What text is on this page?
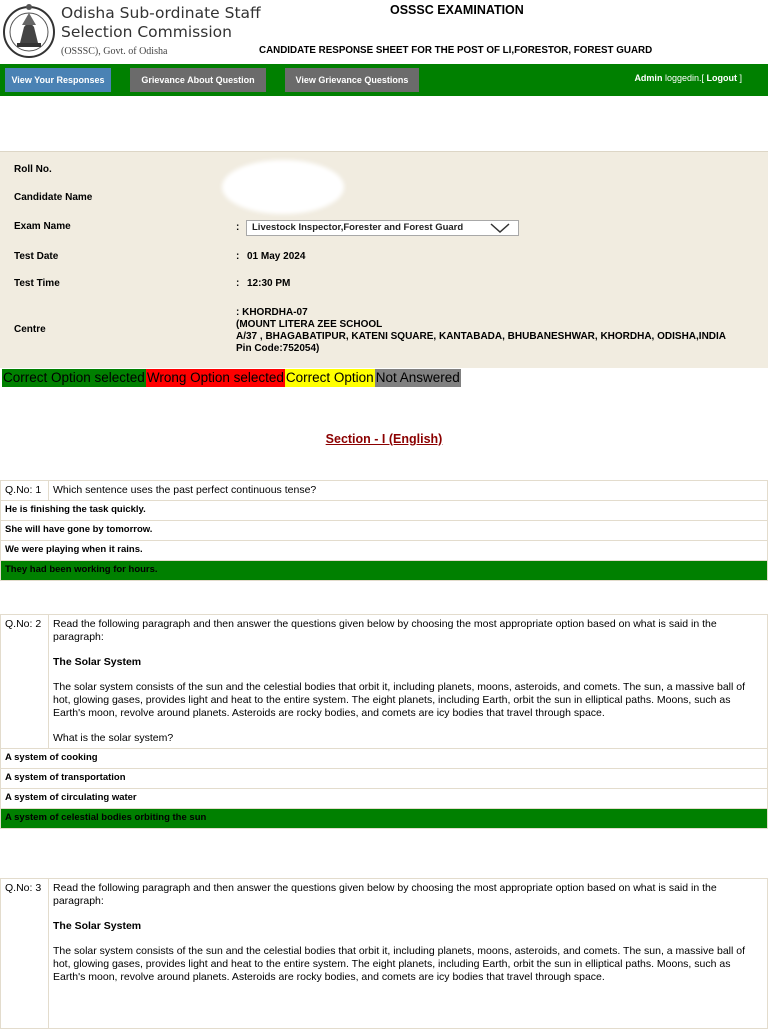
Odisha Sub-ordinate Staff
Selection Commission
(OSSSC), Govt. of Odisha
OSSSC EXAMINATION
CANDIDATE RESPONSE SHEET FOR THE POST OF LI,FORESTOR, FOREST GUARD
View Your Responses	Grievance About Question	View Grievance Questions	Admin loggedin.[ Logout ]
Roll No.
Candidate Name
Exam Name	:	Livestock Inspector,Forester and Forest Guard
Test Date	: 01 May 2024
Test Time	: 12:30 PM
Centre
: KHORDHA-07
(MOUNT LITERA ZEE SCHOOL
A/37 , BHAGABATIPUR, KATENI SQUARE, KANTABADA, BHUBANESHWAR, KHORDHA, ODISHA,INDIA
Pin Code:752054)
Correct Option selected Wrong Option selected Correct Option Not Answered
Section - I (English)
Q.No: 1	Which sentence uses the past perfect continuous tense?
He is finishing the task quickly.
She will have gone by tomorrow.
We were playing when it rains.
They had been working for hours.
Q.No: 2	Read the following paragraph and then answer the questions given below by choosing the most appropriate option based on what is said in the paragraph:

The Solar System

The solar system consists of the sun and the celestial bodies that orbit it, including planets, moons, asteroids, and comets. The sun, a massive ball of hot, glowing gases, provides light and heat to the entire system. The eight planets, including Earth, orbit the sun in elliptical paths. Moons, such as Earth's moon, revolve around planets. Asteroids are rocky bodies, and comets are icy bodies that travel through space.

What is the solar system?

A system of cooking
A system of transportation
A system of circulating water
A system of celestial bodies orbiting the sun
Q.No: 3	Read the following paragraph and then answer the questions given below by choosing the most appropriate option based on what is said in the paragraph:

The Solar System

The solar system consists of the sun and the celestial bodies that orbit it, including planets, moons, asteroids, and comets. The sun, a massive ball of hot, glowing gases, provides light and heat to the entire system. The eight planets, including Earth, orbit the sun in elliptical paths. Moons, such as Earth's moon, revolve around planets. Asteroids are rocky bodies, and comets are icy bodies that travel through space.
